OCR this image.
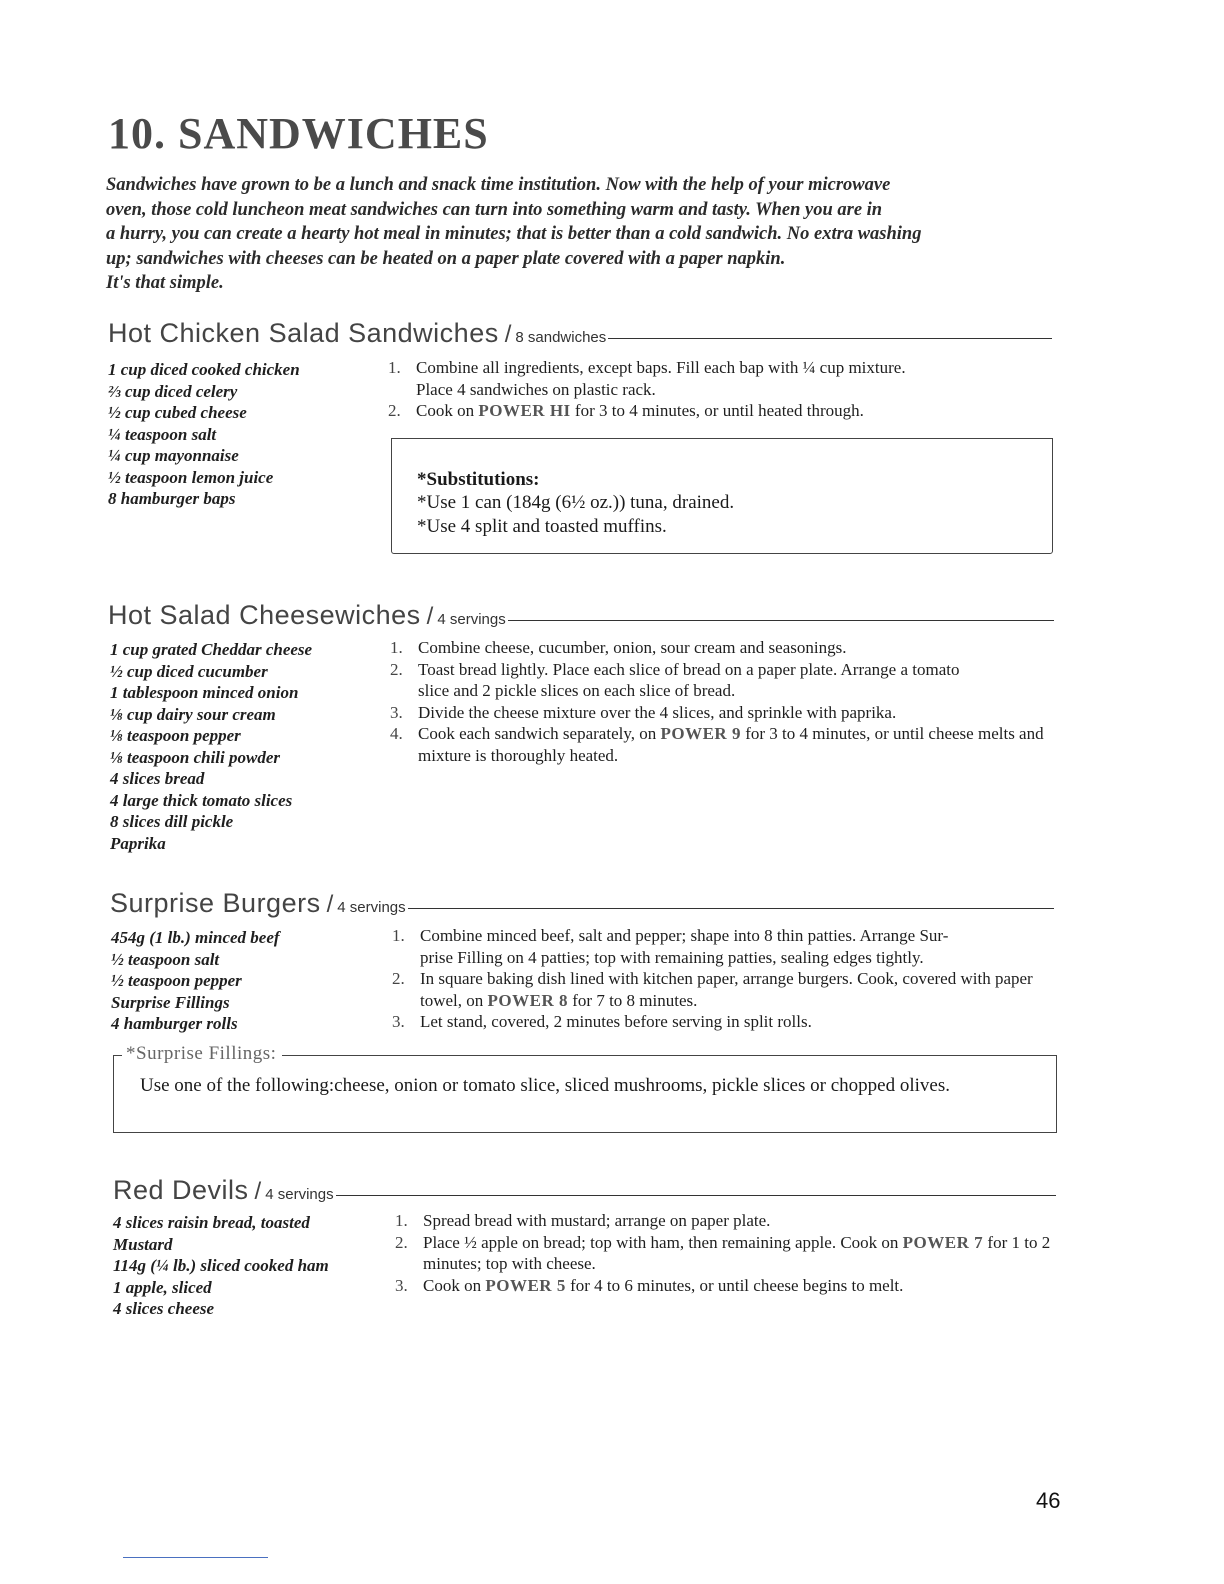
10. SANDWICHES

Sandwiches have grown to be a lunch and snack time institution. Now with the help of your microwave
oven, those cold luncheon meat sandwiches can turn into something warm and tasty. When you are in
a hurry, you can create a hearty hot meal in minutes; that is better than a cold sandwich. No extra washing
up; sandwiches with cheeses can be heated on a paper plate covered with a paper napkin.
It's that simple.

Hot Chicken Salad Sandwiches / 8 sandwiches
1 cup diced cooked chicken
⅔ cup diced celery
½ cup cubed cheese
¼ teaspoon salt
¼ cup mayonnaise
½ teaspoon lemon juice
8 hamburger baps
1. Combine all ingredients, except baps. Fill each bap with ¼ cup mixture.
Place 4 sandwiches on plastic rack.
2. Cook on POWER HI for 3 to 4 minutes, or until heated through.
*Substitutions:
*Use 1 can (184g (6½ oz.)) tuna, drained.
*Use 4 split and toasted muffins.
Hot Salad Cheesewiches / 4 servings
1 cup grated Cheddar cheese
½ cup diced cucumber
1 tablespoon minced onion
⅛ cup dairy sour cream
⅛ teaspoon pepper
⅛ teaspoon chili powder
4 slices bread
4 large thick tomato slices
8 slices dill pickle
Paprika
1. Combine cheese, cucumber, onion, sour cream and seasonings.
2. Toast bread lightly. Place each slice of bread on a paper plate. Arrange a tomato
slice and 2 pickle slices on each slice of bread.
3. Divide the cheese mixture over the 4 slices, and sprinkle with paprika.
4. Cook each sandwich separately, on POWER 9 for 3 to 4 minutes, or until cheese melts and mixture is thoroughly heated.
Surprise Burgers / 4 servings
454g (1 lb.) minced beef
½ teaspoon salt
½ teaspoon pepper
Surprise Fillings
4 hamburger rolls
1. Combine minced beef, salt and pepper; shape into 8 thin patties. Arrange Sur-
prise Filling on 4 patties; top with remaining patties, sealing edges tightly.
2. In square baking dish lined with kitchen paper, arrange burgers. Cook, covered with paper towel, on POWER 8 for 7 to 8 minutes.
3. Let stand, covered, 2 minutes before serving in split rolls.
*Surprise Fillings:

Use one of the following:cheese, onion or tomato slice, sliced mushrooms, pickle slices or chopped olives.

Red Devils / 4 servings
4 slices raisin bread, toasted
Mustard
114g (¼ lb.) sliced cooked ham
1 apple, sliced
4 slices cheese
1. Spread bread with mustard; arrange on paper plate.
2. Place ½ apple on bread; top with ham, then remaining apple. Cook on POWER 7 for 1 to 2 minutes; top with cheese.
3. Cook on POWER 5 for 4 to 6 minutes, or until cheese begins to melt.
46
